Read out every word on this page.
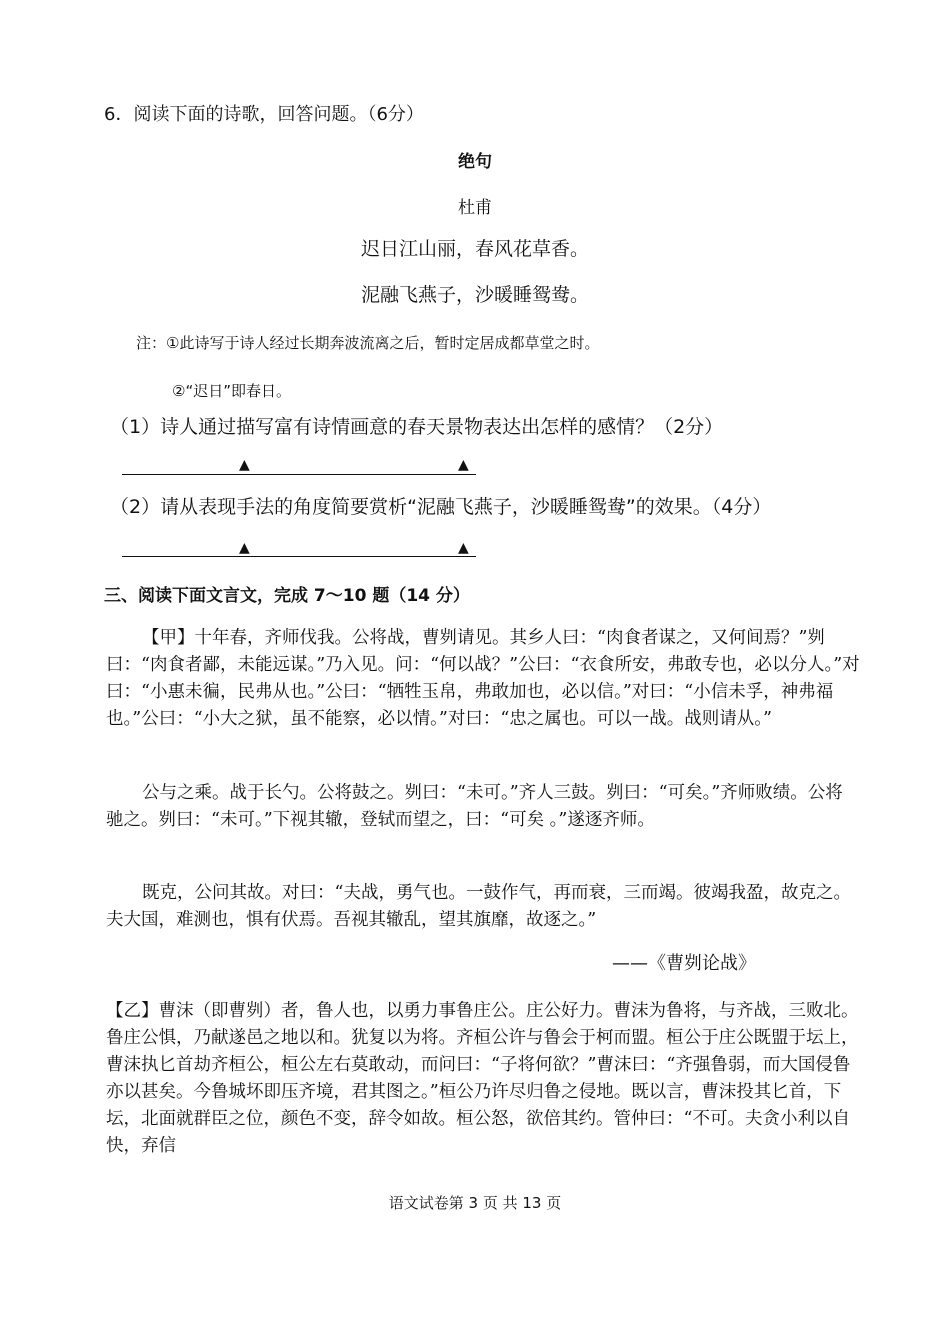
6．阅读下面的诗歌，回答问题。（6分）
绝句
杜甫
迟日江山丽，春风花草香。
泥融飞燕子，沙暖睡鸳鸯。
注：①此诗写于诗人经过长期奔波流离之后，暂时定居成都草堂之时。
②“迟日”即春日。
（1）诗人通过描写富有诗情画意的春天景物表达出怎样的感情？（2分）
▲	▲
（2）请从表现手法的角度简要赏析“泥融飞燕子，沙暖睡鸳鸯”的效果。（4分）
▲	▲
三、阅读下面文言文，完成 7～10 题（14 分）
【甲】十年春，齐师伐我。公将战，曹刿请见。其乡人曰：“肉食者谋之，又何间焉？”刿曰：“肉食者鄙，未能远谋。”乃入见。问：“何以战？”公曰：“衣食所安，弗敢专也，必以分人。”对曰：“小惠未徧，民弗从也。”公曰：“牺牲玉帛，弗敢加也，必以信。”对曰：“小信未孚，神弗福也。”公曰：“小大之狱，虽不能察，必以情。”对曰：“忠之属也。可以一战。战则请从。”
公与之乘。战于长勺。公将鼓之。刿曰：“未可。”齐人三鼓。刿曰：“可矣。”齐师败绩。公将驰之。刿曰：“未可。”下视其辙，登轼而望之，曰：“可矣 。”遂逐齐师。
既克，公问其故。对曰：“夫战，勇气也。一鼓作气，再而衰，三而竭。彼竭我盈，故克之。夫大国，难测也，惧有伏焉。吾视其辙乱，望其旗靡，故逐之。”
——《曹刿论战》
【乙】曹沫（即曹刿）者，鲁人也，以勇力事鲁庄公。庄公好力。曹沫为鲁将，与齐战，三败北。鲁庄公惧，乃献遂邑之地以和。犹复以为将。齐桓公许与鲁会于柯而盟。桓公于庄公既盟于坛上，曹沫执匕首劫齐桓公，桓公左右莫敢动，而问曰：“子将何欲？”曹沫曰：“齐强鲁弱，而大国侵鲁亦以甚矣。今鲁城坏即压齐境，君其图之。”桓公乃许尽归鲁之侵地。既以言，曹沫投其匕首，下坛，北面就群臣之位，颜色不变，辞令如故。桓公怒，欲倍其约。管仲曰：“不可。夫贪小利以自快，弃信
语文试卷第 3 页 共 13 页
